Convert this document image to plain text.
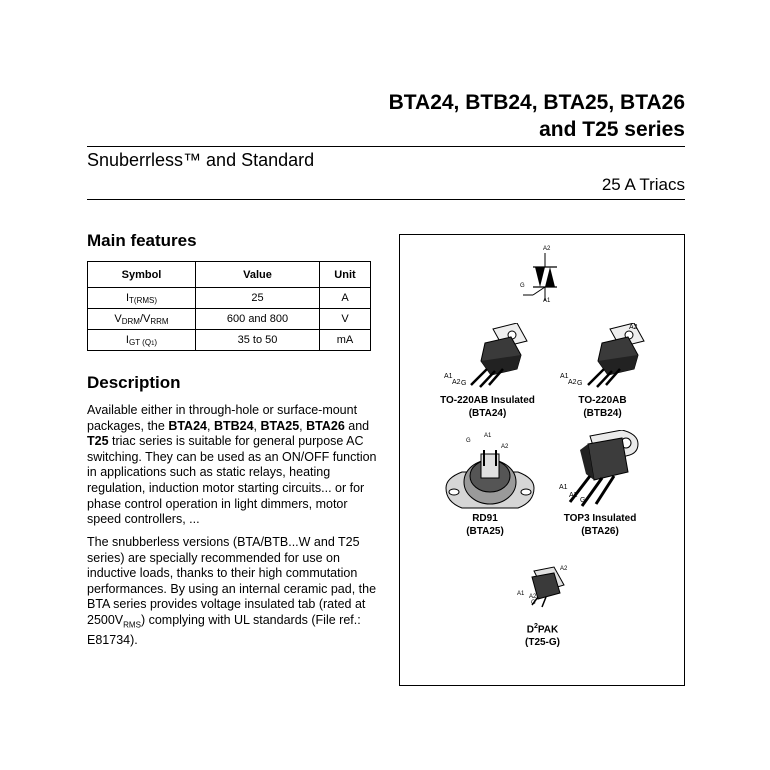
BTA24, BTB24, BTA25, BTA26
and T25 series
Snuberrless™ and Standard
25 A Triacs
Main features
Symbol	Value	Unit
$I_{T(RMS)}$	25	A
$V_{DRM}/V_{RRM}$	600 and 800	V
$I_{GT (Q1)}$	35 to 50	mA
Description
Available either in through-hole or surface-mount packages, the BTA24, BTB24, BTA25, BTA26 and T25 triac series is suitable for general purpose AC switching. They can be used as an ON/OFF function in applications such as static relays, heating regulation, induction motor starting circuits... or for phase control operation in light dimmers, motor speed controllers, ...
The snubberless versions (BTA/BTB...W and T25 series) are specially recommended for use on inductive loads, thanks to their high commutation performances. By using an internal ceramic pad, the BTA series provides voltage insulated tab (rated at $2500V_{RMS}$) complying with UL standards (File ref.: E81734).
A2
A1
G
A1
A2 G
TO-220AB Insulated
(BTA24)
A2
A1
A2 G
TO-220AB
(BTB24)
G
A1
A2
RD91
(BTA25)
A1
A2
G
TOP3 Insulated
(BTA26)
A2
A1 A2
G
$D^2PAK$
(T25-G)
